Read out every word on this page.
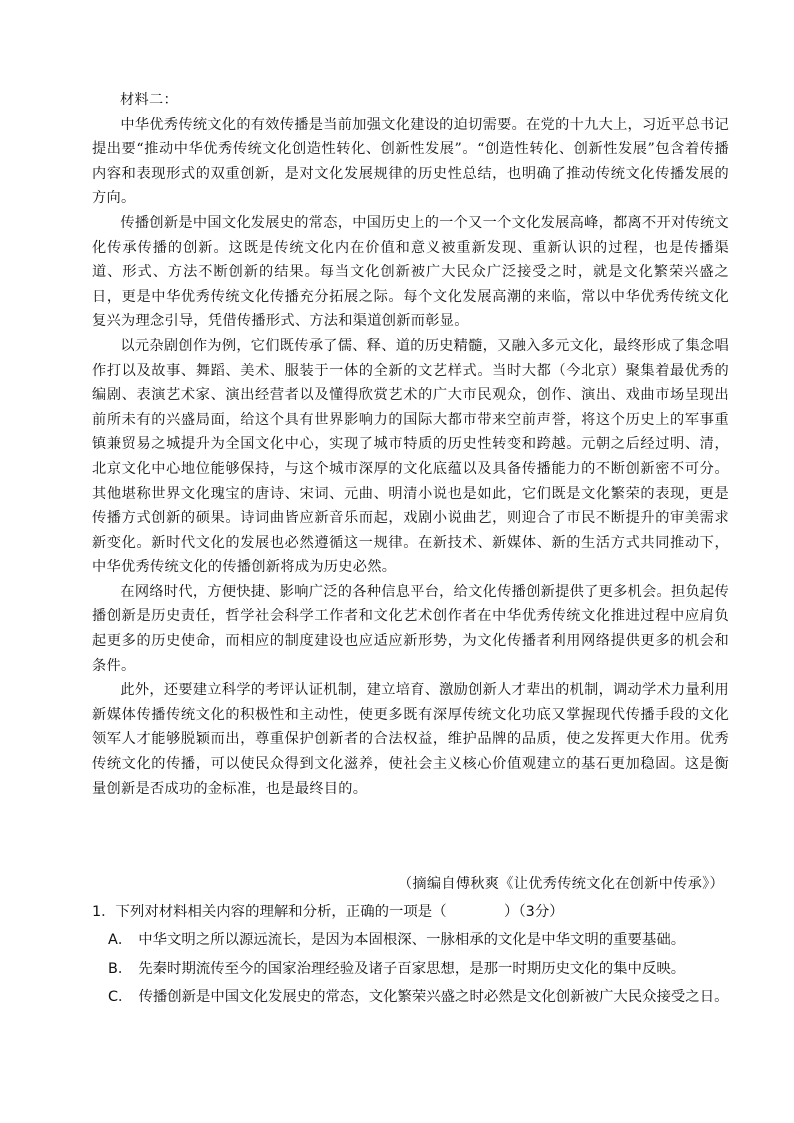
材料二：

中华优秀传统文化的有效传播是当前加强文化建设的迫切需要。在党的十九大上，习近平总书记提出要“推动中华优秀传统文化创造性转化、创新性发展”。“创造性转化、创新性发展”包含着传播内容和表现形式的双重创新，是对文化发展规律的历史性总结，也明确了推动传统文化传播发展的方向。

传播创新是中国文化发展史的常态，中国历史上的一个又一个文化发展高峰，都离不开对传统文化传承传播的创新。这既是传统文化内在价值和意义被重新发现、重新认识的过程，也是传播渠道、形式、方法不断创新的结果。每当文化创新被广大民众广泛接受之时，就是文化繁荣兴盛之日，更是中华优秀传统文化传播充分拓展之际。每个文化发展高潮的来临，常以中华优秀传统文化复兴为理念引导，凭借传播形式、方法和渠道创新而彰显。

以元杂剧创作为例，它们既传承了儒、释、道的历史精髓，又融入多元文化，最终形成了集念唱作打以及故事、舞蹈、美术、服装于一体的全新的文艺样式。当时大都（今北京）聚集着最优秀的编剧、表演艺术家、演出经营者以及懂得欣赏艺术的广大市民观众，创作、演出、戏曲市场呈现出前所未有的兴盛局面，给这个具有世界影响力的国际大都市带来空前声誉，将这个历史上的军事重镇兼贸易之城提升为全国文化中心，实现了城市特质的历史性转变和跨越。元朝之后经过明、清，北京文化中心地位能够保持，与这个城市深厚的文化底蕴以及具备传播能力的不断创新密不可分。其他堪称世界文化瑰宝的唐诗、宋词、元曲、明清小说也是如此，它们既是文化繁荣的表现，更是传播方式创新的硕果。诗词曲皆应新音乐而起，戏剧小说曲艺，则迎合了市民不断提升的审美需求新变化。新时代文化的发展也必然遵循这一规律。在新技术、新媒体、新的生活方式共同推动下，中华优秀传统文化的传播创新将成为历史必然。

在网络时代，方便快捷、影响广泛的各种信息平台，给文化传播创新提供了更多机会。担负起传播创新是历史责任，哲学社会科学工作者和文化艺术创作者在中华优秀传统文化推进过程中应肩负起更多的历史使命，而相应的制度建设也应适应新形势，为文化传播者利用网络提供更多的机会和条件。

此外，还要建立科学的考评认证机制，建立培育、激励创新人才辈出的机制，调动学术力量利用新媒体传播传统文化的积极性和主动性，使更多既有深厚传统文化功底又掌握现代传播手段的文化领军人才能够脱颖而出，尊重保护创新者的合法权益，维护品牌的品质，使之发挥更大作用。优秀传统文化的传播，可以使民众得到文化滋养，使社会主义核心价值观建立的基石更加稳固。这是衡量创新是否成功的金标准，也是最终目的。

（摘编自傅秋爽《让优秀传统文化在创新中传承》）

1．下列对材料相关内容的理解和分析，正确的一项是（　　　　）（3分）

A． 中华文明之所以源远流长，是因为本固根深、一脉相承的文化是中华文明的重要基础。

B． 先秦时期流传至今的国家治理经验及诸子百家思想，是那一时期历史文化的集中反映。

C． 传播创新是中国文化发展史的常态，文化繁荣兴盛之时必然是文化创新被广大民众接受之日。
